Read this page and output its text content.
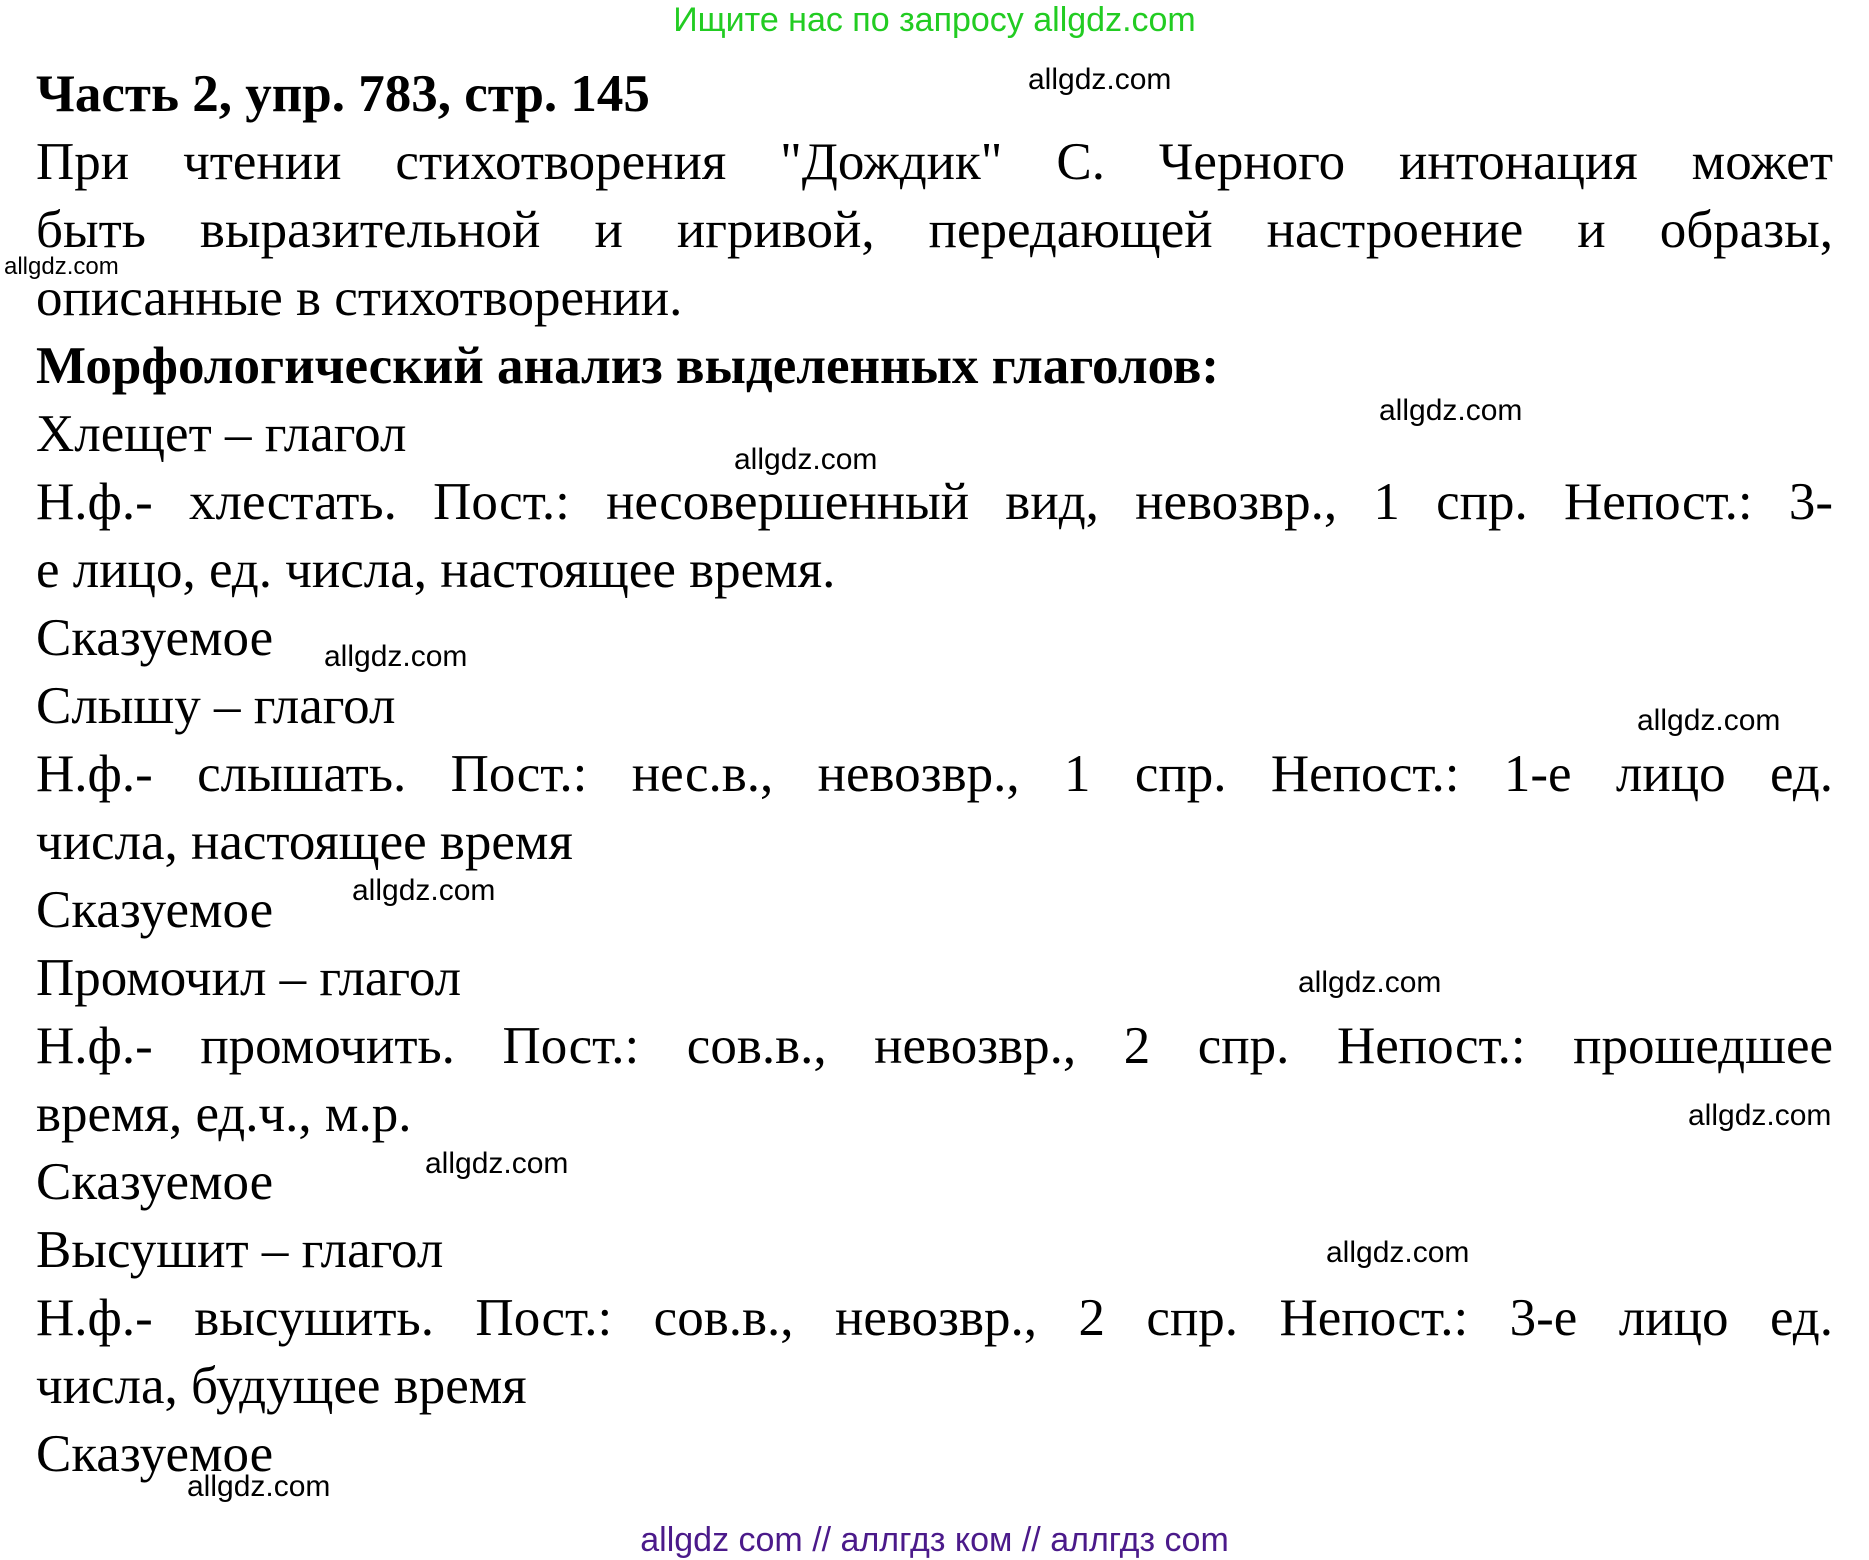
Ищите нас по запросу allgdz.com
Часть 2, упр. 783, стр. 145
При чтении стихотворения "Дождик" С. Черного интонация может
быть выразительной и игривой, передающей настроение и образы,
описанные в стихотворении.
Морфологический анализ выделенных глаголов:
Хлещет – глагол
Н.ф.- хлестать. Пост.: несовершенный вид, невозвр., 1 спр. Непост.: 3-
е лицо, ед. числа, настоящее время.
Сказуемое
Слышу – глагол
Н.ф.- слышать. Пост.: нес.в., невозвр., 1 спр. Непост.: 1-е лицо ед.
числа, настоящее время
Сказуемое
Промочил – глагол
Н.ф.- промочить. Пост.: сов.в., невозвр., 2 спр. Непост.: прошедшее
время, ед.ч., м.р.
Сказуемое
Высушит – глагол
Н.ф.- высушить. Пост.: сов.в., невозвр., 2 спр. Непост.: 3-е лицо ед.
числа, будущее время
Сказуемое
allgdz.com
allgdz.com
allgdz.com
allgdz.com
allgdz.com
allgdz.com
allgdz.com
allgdz.com
allgdz.com
allgdz.com
allgdz.com
allgdz.com
allgdz com // аллгдз ком // аллгдз com
